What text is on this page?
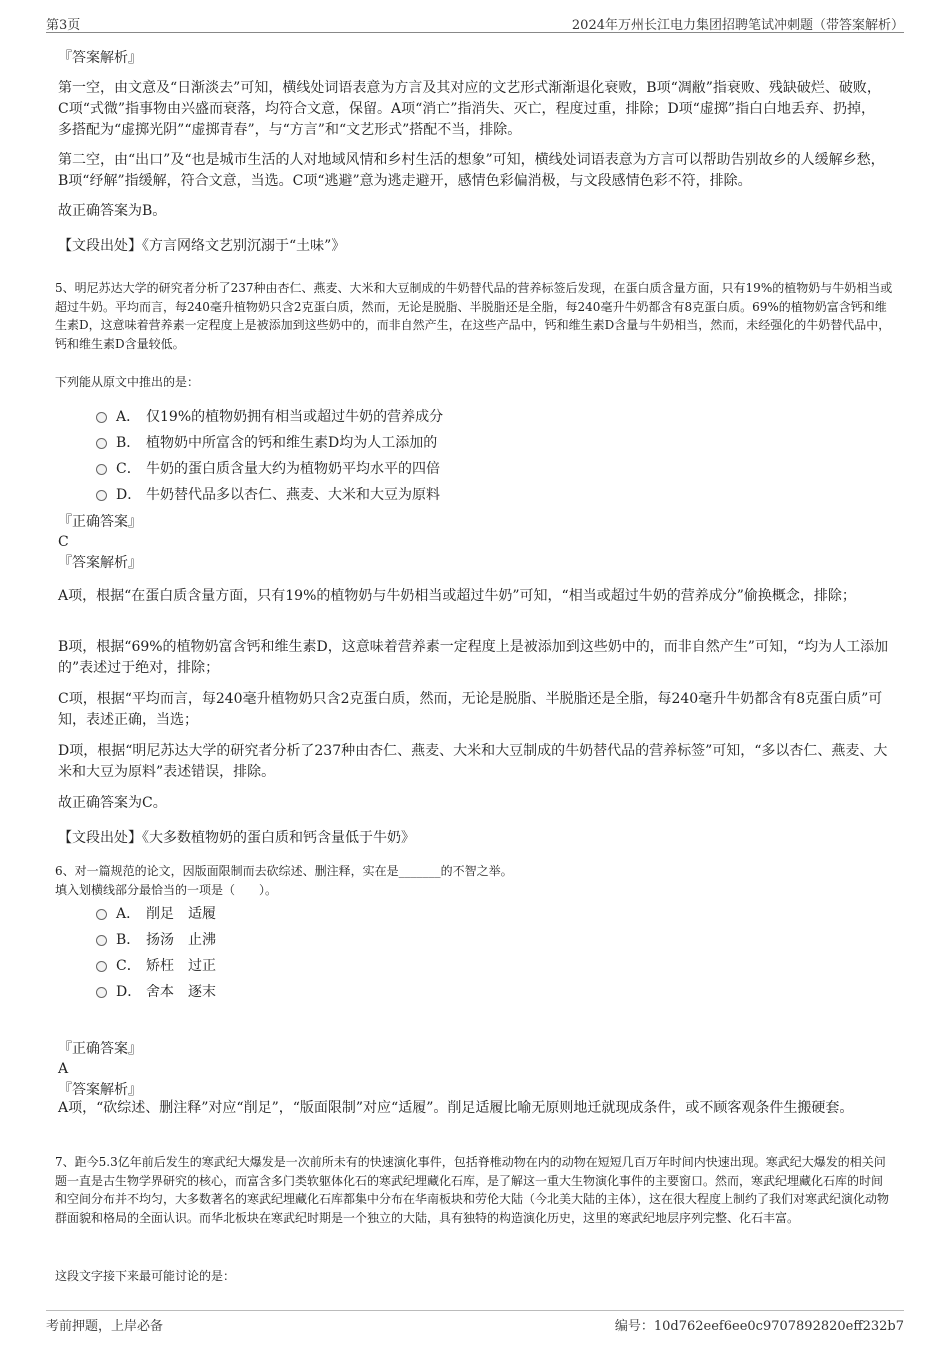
第3页	2024年万州长江电力集团招聘笔试冲刺题（带答案解析）

『答案解析』

第一空，由文意及“日渐淡去”可知，横线处词语表意为方言及其对应的文艺形式渐渐退化衰败，B项“凋敝”指衰败、残缺破烂、破败，C项“式微”指事物由兴盛而衰落，均符合文意，保留。A项“消亡”指消失、灭亡，程度过重，排除；D项“虚掷”指白白地丢弃、扔掉，多搭配为“虚掷光阴”“虚掷青春”，与“方言”和“文艺形式”搭配不当，排除。

第二空，由“出口”及“也是城市生活的人对地域风情和乡村生活的想象”可知，横线处词语表意为方言可以帮助告别故乡的人缓解乡愁，B项“纾解”指缓解，符合文意，当选。C项“逃避”意为逃走避开，感情色彩偏消极，与文段感情色彩不符，排除。

故正确答案为B。

【文段出处】《方言网络文艺别沉溺于“土味”》

5、明尼苏达大学的研究者分析了237种由杏仁、燕麦、大米和大豆制成的牛奶替代品的营养标签后发现，在蛋白质含量方面，只有19%的植物奶与牛奶相当或超过牛奶。平均而言，每240毫升植物奶只含2克蛋白质，然而，无论是脱脂、半脱脂还是全脂，每240毫升牛奶都含有8克蛋白质。69%的植物奶富含钙和维生素D，这意味着营养素一定程度上是被添加到这些奶中的，而非自然产生，在这些产品中，钙和维生素D含量与牛奶相当，然而，未经强化的牛奶替代品中，钙和维生素D含量较低。

下列能从原文中推出的是：

A． 仅19%的植物奶拥有相当或超过牛奶的营养成分
B． 植物奶中所富含的钙和维生素D均为人工添加的
C． 牛奶的蛋白质含量大约为植物奶平均水平的四倍
D． 牛奶替代品多以杏仁、燕麦、大米和大豆为原料

『正确答案』

C

『答案解析』

A项，根据“在蛋白质含量方面，只有19%的植物奶与牛奶相当或超过牛奶”可知，“相当或超过牛奶的营养成分”偷换概念，排除；

B项，根据“69%的植物奶富含钙和维生素D，这意味着营养素一定程度上是被添加到这些奶中的，而非自然产生”可知，“均为人工添加的”表述过于绝对，排除；

C项，根据“平均而言，每240毫升植物奶只含2克蛋白质，然而，无论是脱脂、半脱脂还是全脂，每240毫升牛奶都含有8克蛋白质”可知，表述正确，当选；

D项，根据“明尼苏达大学的研究者分析了237种由杏仁、燕麦、大米和大豆制成的牛奶替代品的营养标签”可知，“多以杏仁、燕麦、大米和大豆为原料”表述错误，排除。

故正确答案为C。

【文段出处】《大多数植物奶的蛋白质和钙含量低于牛奶》

6、对一篇规范的论文，因版面限制而去砍综述、删注释，实在是_______的不智之举。

填入划横线部分最恰当的一项是（　　）。

A． 削足 适履
B． 扬汤 止沸
C． 矫枉 过正
D． 舍本 逐末

『正确答案』

A

『答案解析』

A项，“砍综述、删注释”对应“削足”，“版面限制”对应“适履”。削足适履比喻无原则地迁就现成条件，或不顾客观条件生搬硬套。

7、距今5.3亿年前后发生的寒武纪大爆发是一次前所未有的快速演化事件，包括脊椎动物在内的动物在短短几百万年时间内快速出现。寒武纪大爆发的相关问题一直是古生物学界研究的核心，而富含多门类软躯体化石的寒武纪埋藏化石库，是了解这一重大生物演化事件的主要窗口。然而，寒武纪埋藏化石库的时间和空间分布并不均匀，大多数著名的寒武纪埋藏化石库都集中分布在华南板块和劳伦大陆（今北美大陆的主体），这在很大程度上制约了我们对寒武纪演化动物群面貌和格局的全面认识。而华北板块在寒武纪时期是一个独立的大陆，具有独特的构造演化历史，这里的寒武纪地层序列完整、化石丰富。

这段文字接下来最可能讨论的是：

考前押题，上岸必备	编号：10d762eef6ee0c9707892820eff232b7
